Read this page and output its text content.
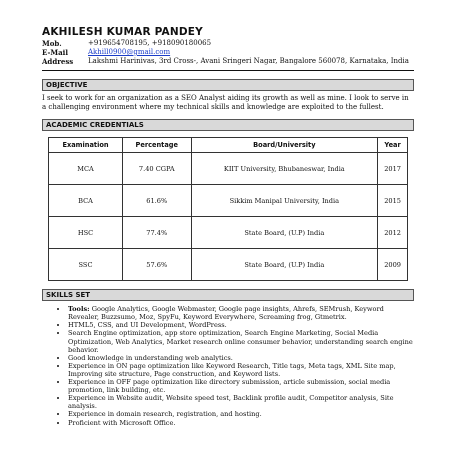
AKHILESH KUMAR PANDEY
Mob.	+919654708195, +918090180065
E-Mail	Akhill0900@gmail.com
Address	Lakshmi Harinivas, 3rd Cross-, Avani Sringeri Nagar, Bangalore 560078, Karnataka, India
OBJECTIVE
I seek to work for an organization as a SEO Analyst aiding its growth as well as mine. I look to serve in a challenging environment where my technical skills and knowledge are exploited to the fullest.
ACADEMIC CREDENTIALS
Examination	Percentage	Board/University	Year
MCA	7.40 CGPA	KIIT University, Bhubaneswar, India	2017
BCA	61.6%	Sikkim Manipal University, India	2015
HSC	77.4%	State Board, (U.P) India	2012
SSC	57.6%	State Board, (U.P) India	2009
SKILLS SET
• Tools: Google Analytics, Google Webmaster, Google page insights, Ahrefs, SEMrush, Keyword Revealer, Buzzsumo, Moz, SpyFu, Keyword Everywhere, Screaming frog, Gtmetrix.
• HTML5, CSS, and UI Development, WordPress.
• Search Engine optimization, app store optimization, Search Engine Marketing, Social Media Optimization, Web Analytics, Market research online consumer behavior, understanding search engine behavior.
• Good knowledge in understanding web analytics.
• Experience in ON page optimization like Keyword Research, Title tags, Meta tags, XML Site map, Improving site structure, Page construction, and Keyword lists.
• Experience in OFF page optimization like directory submission, article submission, social media promotion, link building, etc.
• Experience in Website audit, Website speed test, Backlink profile audit, Competitor analysis, Site analysis.
• Experience in domain research, registration, and hosting.
• Proficient with Microsoft Office.
